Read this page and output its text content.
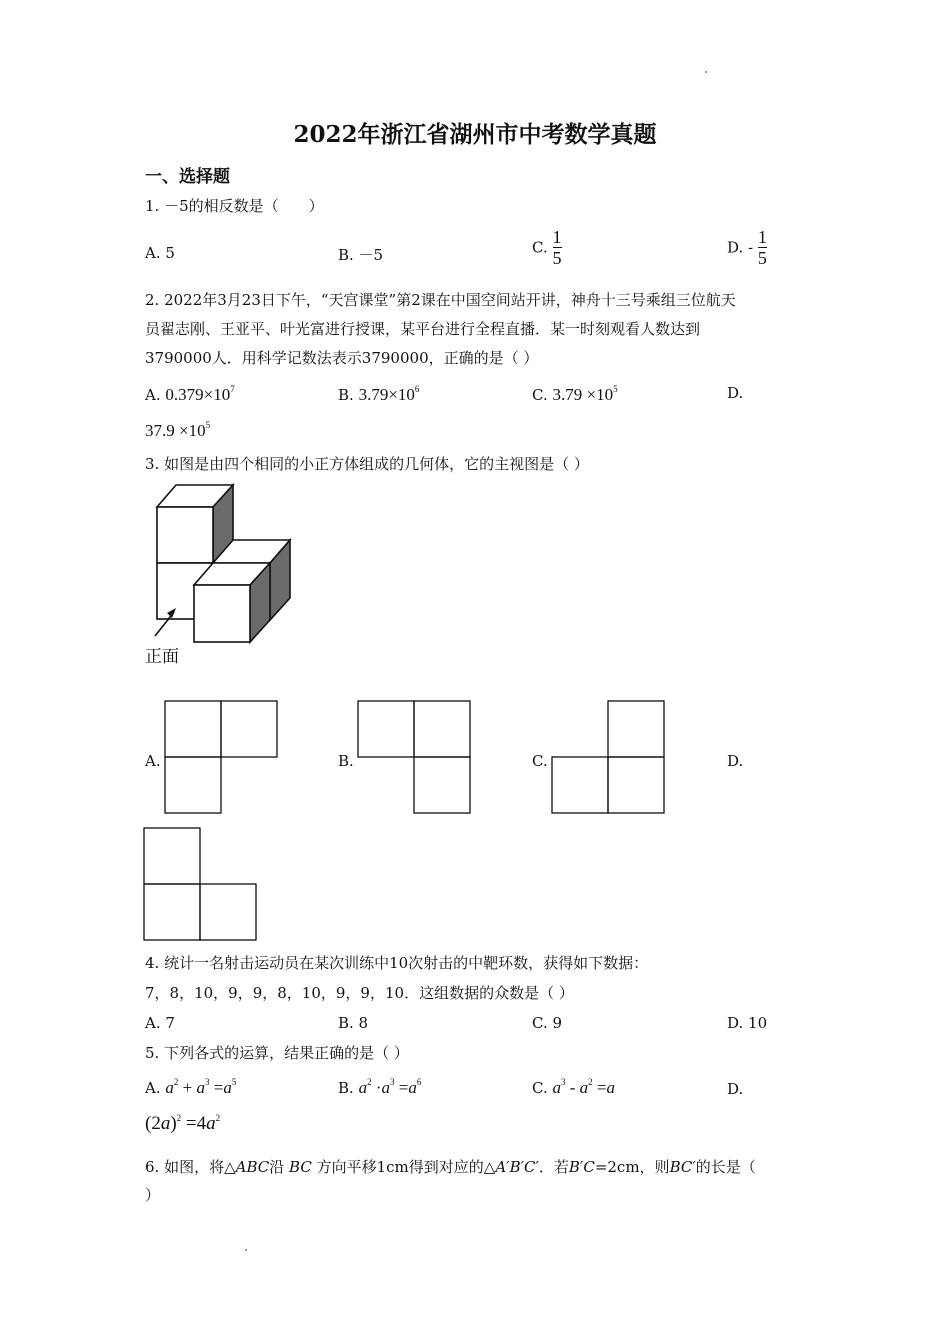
2022年浙江省湖州市中考数学真题
一、选择题
1. －5的相反数是（　　）
A. 5	B. －5	C. $\frac{1}{5}$	D. - $\frac{1}{5}$
2. 2022年3月23日下午，“天宫课堂”第2课在中国空间站开讲，神舟十三号乘组三位航天
员翟志刚、王亚平、叶光富进行授课，某平台进行全程直播．某一时刻观看人数达到
3790000人．用科学记数法表示3790000，正确的是（ ）
A. $0.379\times 10^7$	B. $3.79\times 10^6$	C. $3.79 \times 10^5$	D.
$37.9 \times 10^5$
3. 如图是由四个相同的小正方体组成的几何体，它的主视图是（ ）
正面
A.	B.	C.	D.
4. 统计一名射击运动员在某次训练中10次射击的中靶环数，获得如下数据：
7，8，10，9，9，8，10，9，9，10．这组数据的众数是（ ）
A. 7	B. 8	C. 9	D. 10
5. 下列各式的运算，结果正确的是（ ）
A. $a^2 + a^3 =a^5$	B. $a^2 \cdot a^3 =a^6$	C. $a^3 - a^2 =a$	D.
$(2a)^2 =4a^2$
6. 如图，将△ABC沿 BC 方向平移1cm得到对应的△A′B′C′．若B′C=2cm，则BC′的长是（
）
